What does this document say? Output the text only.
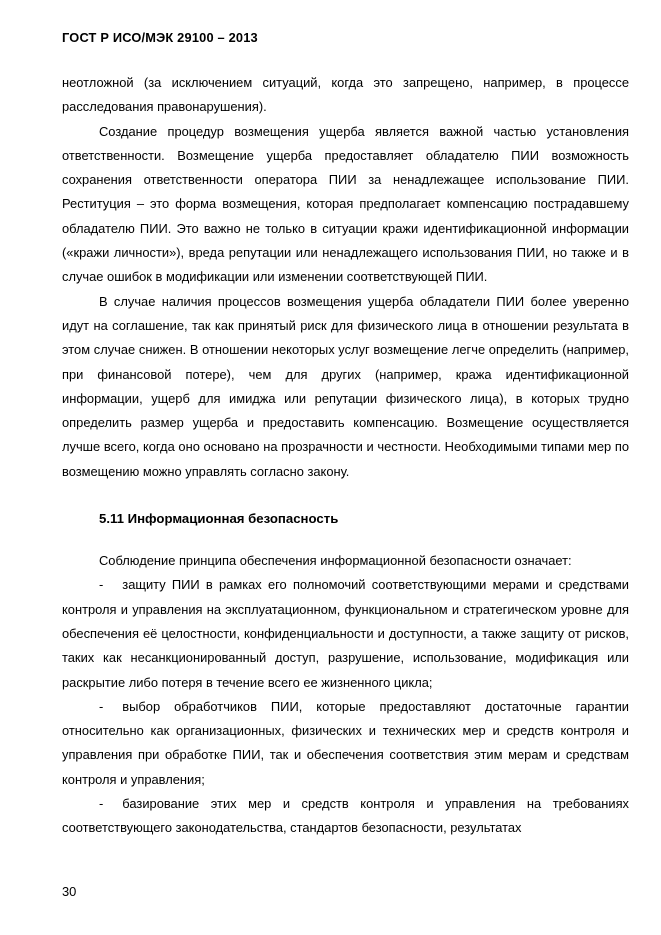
ГОСТ Р ИСО/МЭК 29100 – 2013

неотложной (за исключением ситуаций, когда это запрещено, например, в процессе расследования правонарушения).

Создание процедур возмещения ущерба является важной частью установления ответственности. Возмещение ущерба предоставляет обладателю ПИИ возможность сохранения ответственности оператора ПИИ за ненадлежащее использование ПИИ. Реституция – это форма возмещения, которая предполагает компенсацию пострадавшему обладателю ПИИ. Это важно не только в ситуации кражи идентификационной информации («кражи личности»), вреда репутации или ненадлежащего использования ПИИ, но также и в случае ошибок в модификации или изменении соответствующей ПИИ.

В случае наличия процессов возмещения ущерба обладатели ПИИ более уверенно идут на соглашение, так как принятый риск для физического лица в отношении результата в этом случае снижен. В отношении некоторых услуг возмещение легче определить (например, при финансовой потере), чем для других (например, кража идентификационной информации, ущерб для имиджа или репутации физического лица), в которых трудно определить размер ущерба и предоставить компенсацию. Возмещение осуществляется лучше всего, когда оно основано на прозрачности и честности. Необходимыми типами мер по возмещению можно управлять согласно закону.

5.11 Информационная безопасность

Соблюдение принципа обеспечения информационной безопасности означает:

- защиту ПИИ в рамках его полномочий соответствующими мерами и средствами контроля и управления на эксплуатационном, функциональном и стратегическом уровне для обеспечения её целостности, конфиденциальности и доступности, а также защиту от рисков, таких как несанкционированный доступ, разрушение, использование, модификация или раскрытие либо потеря в течение всего ее жизненного цикла;

- выбор обработчиков ПИИ, которые предоставляют достаточные гарантии относительно как организационных, физических и технических мер и средств контроля и управления при обработке ПИИ, так и обеспечения соответствия этим мерам и средствам контроля и управления;

- базирование этих мер и средств контроля и управления на требованиях соответствующего законодательства, стандартов безопасности, результатах

30
